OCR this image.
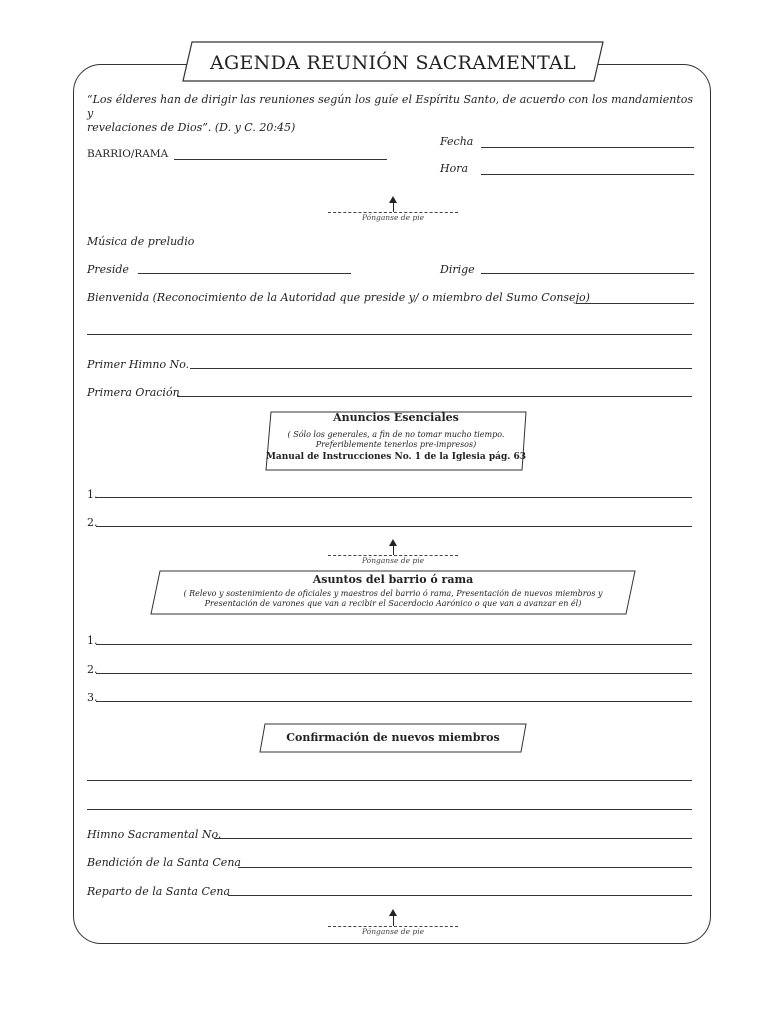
AGENDA REUNIÓN SACRAMENTAL
“Los élderes han de dirigir las reuniones según los guíe el Espíritu Santo, de acuerdo con los mandamientos y
revelaciones de Dios”. (D. y C. 20:45)
Fecha
BARRIO/RAMA
Hora
Pónganse de pie
Música de preludio
Preside	Dirige
Bienvenida (Reconocimiento de la Autoridad que preside y/ o miembro del Sumo Consejo)
Primer Himno No.
Primera Oración
Anuncios Esenciales
( Sólo los generales, a fin de no tomar mucho tiempo.
Preferiblemente tenerlos pre-impresos)
Manual de Instrucciones No. 1 de la Iglesia pág. 63
1.
2.
Pónganse de pie
Asuntos del barrio ó rama
( Relevo y sostenimiento de oficiales y maestros del barrio ó rama, Presentación de nuevos miembros y
Presentación de varones que van a recibir el Sacerdocio Aarónico o que van a avanzar en él)
1.
2.
3.
Confirmación de nuevos miembros
Himno Sacramental No.
Bendición de la Santa Cena
Reparto de la Santa Cena
Pónganse de pie
